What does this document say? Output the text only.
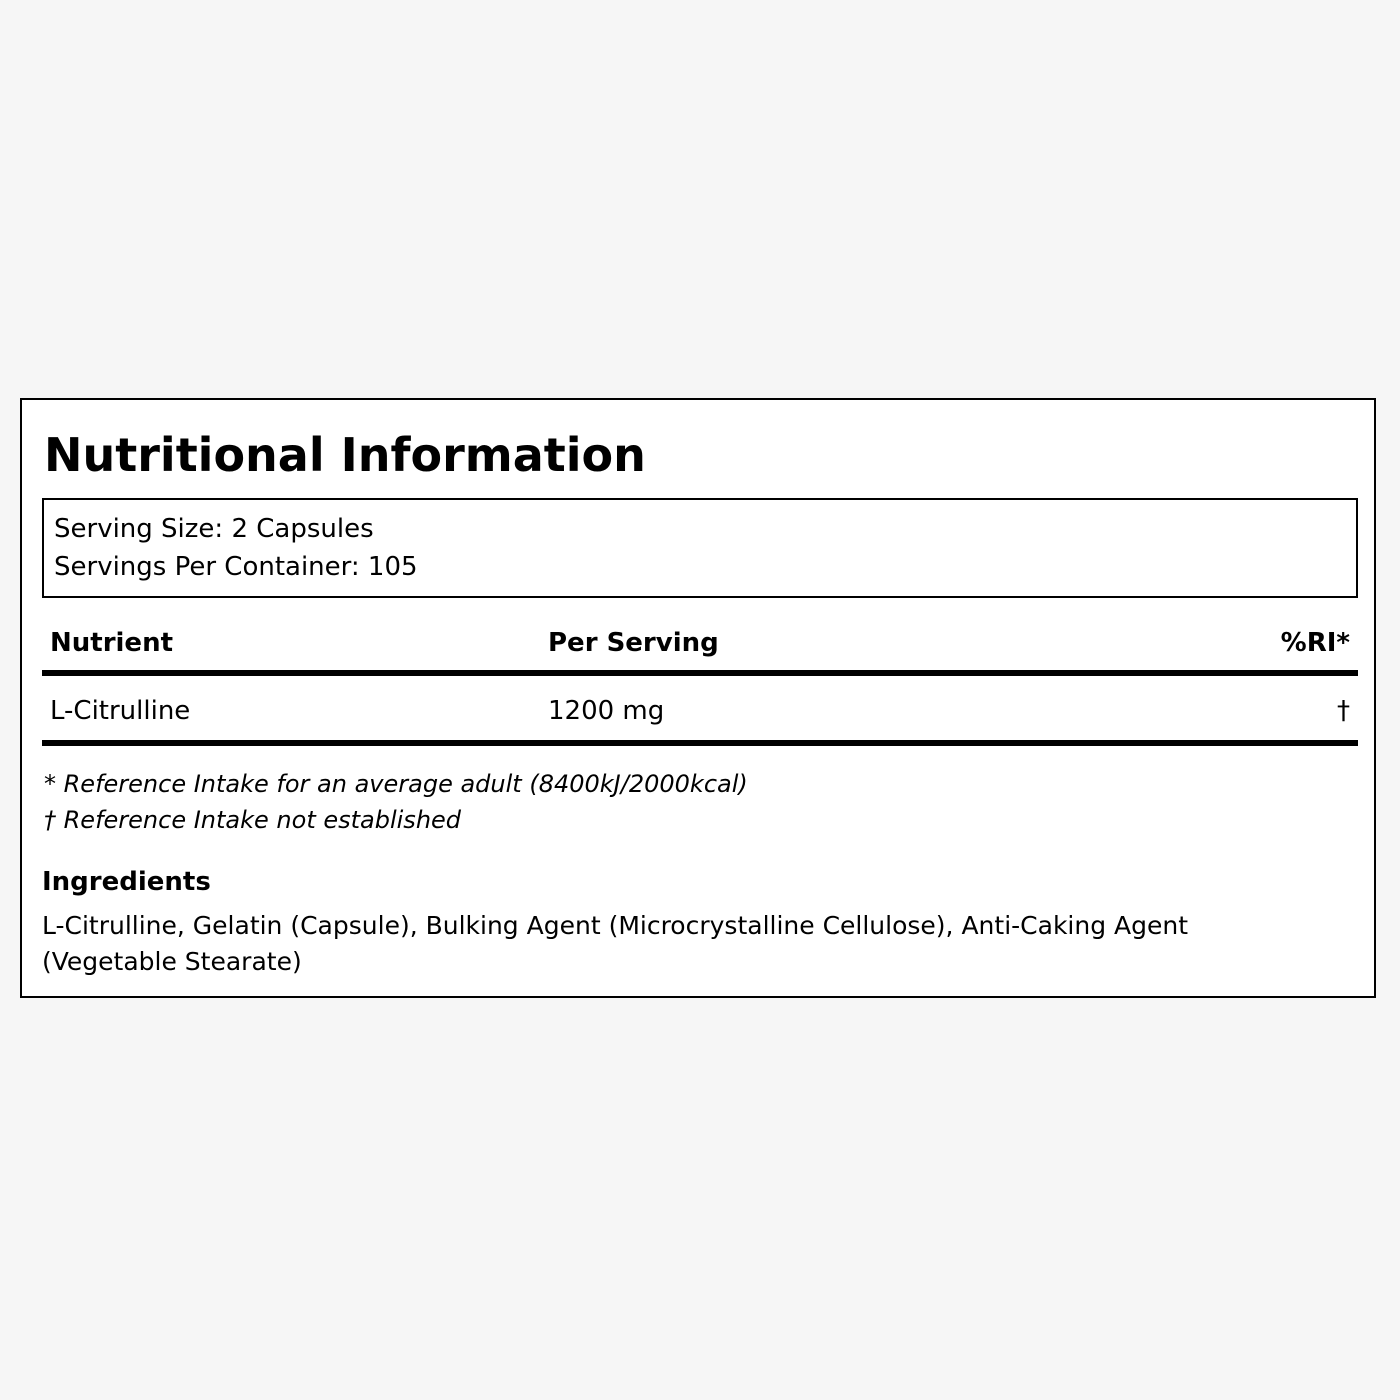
Nutritional Information
Serving Size: 2 Capsules
Servings Per Container: 105
Nutrient	Per Serving	%RI*
L-Citrulline	1200 mg	†
* Reference Intake for an average adult (8400kJ/2000kcal)
† Reference Intake not established
Ingredients

L-Citrulline, Gelatin (Capsule), Bulking Agent (Microcrystalline Cellulose), Anti-Caking Agent (Vegetable Stearate)
